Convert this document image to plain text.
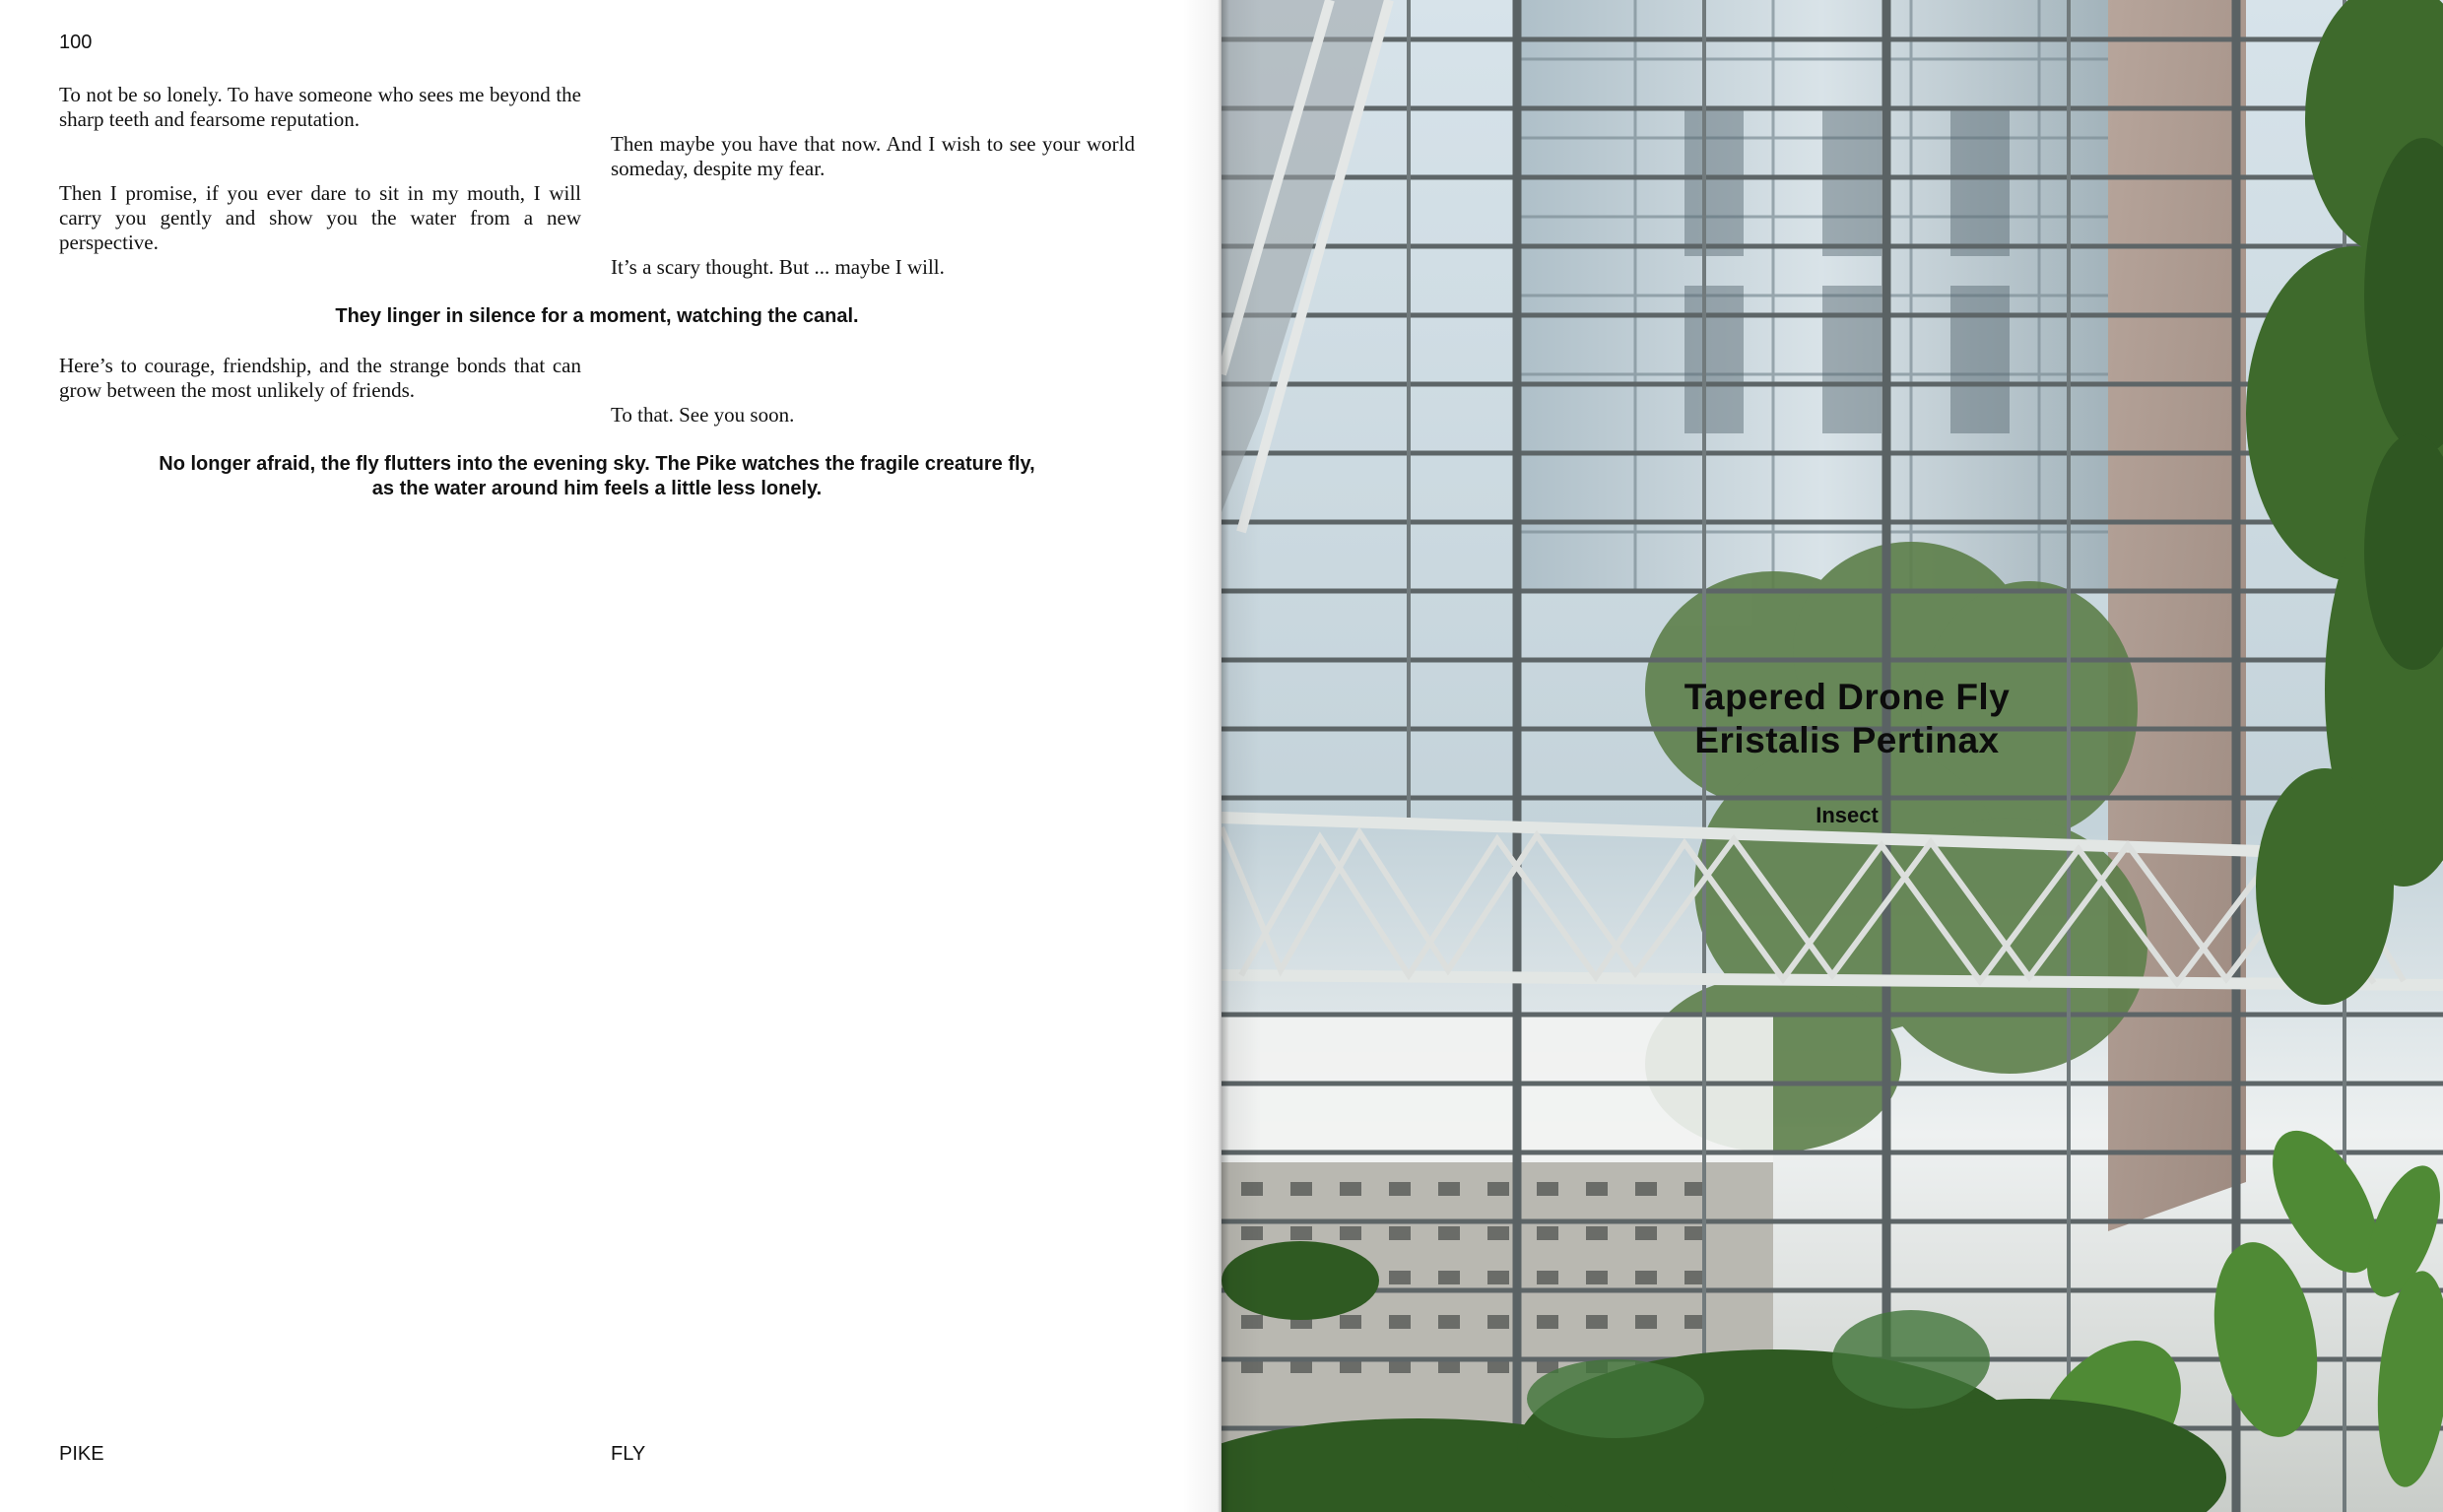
100

To not be so lonely. To have someone who sees me beyond the sharp teeth and fearsome reputation.

Then maybe you have that now. And I wish to see your world someday, despite my fear.

Then I promise, if you ever dare to sit in my mouth, I will carry you gently and show you the water from a new perspective.

It’s a scary thought. But ... maybe I will.

They linger in silence for a moment, watching the canal.

Here’s to courage, friendship, and the strange bonds that can grow between the most unlikely of friends.

To that. See you soon.

No longer afraid, the fly flutters into the evening sky. The Pike watches the fragile creature fly,
as the water around him feels a little less lonely.
PIKE	FLY
Tapered Drone Fly
Eristalis Pertinax
Insect
